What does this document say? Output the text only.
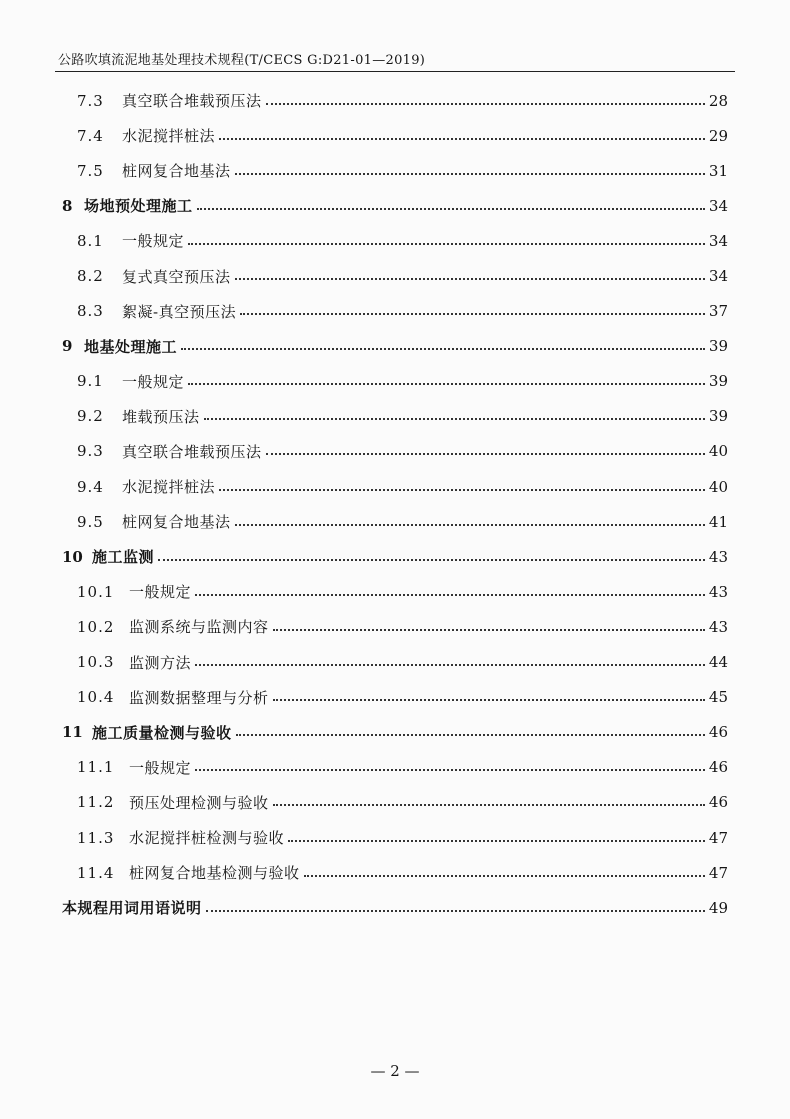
公路吹填流泥地基处理技术规程(T/CECS G:D21-01—2019)
7.3	真空联合堆载预压法	28
7.4	水泥搅拌桩法	29
7.5	桩网复合地基法	31
8 场地预处理施工	34
8.1	一般规定	34
8.2	复式真空预压法	34
8.3	絮凝-真空预压法	37
9 地基处理施工	39
9.1	一般规定	39
9.2	堆载预压法	39
9.3	真空联合堆载预压法	40
9.4	水泥搅拌桩法	40
9.5	桩网复合地基法	41
10 施工监测	43
10.1 一般规定	43
10.2 监测系统与监测内容	43
10.3 监测方法	44
10.4 监测数据整理与分析	45
11 施工质量检测与验收	46
11.1 一般规定	46
11.2 预压处理检测与验收	46
11.3 水泥搅拌桩检测与验收	47
11.4 桩网复合地基检测与验收	47
本规程用词用语说明	49
— 2 —
